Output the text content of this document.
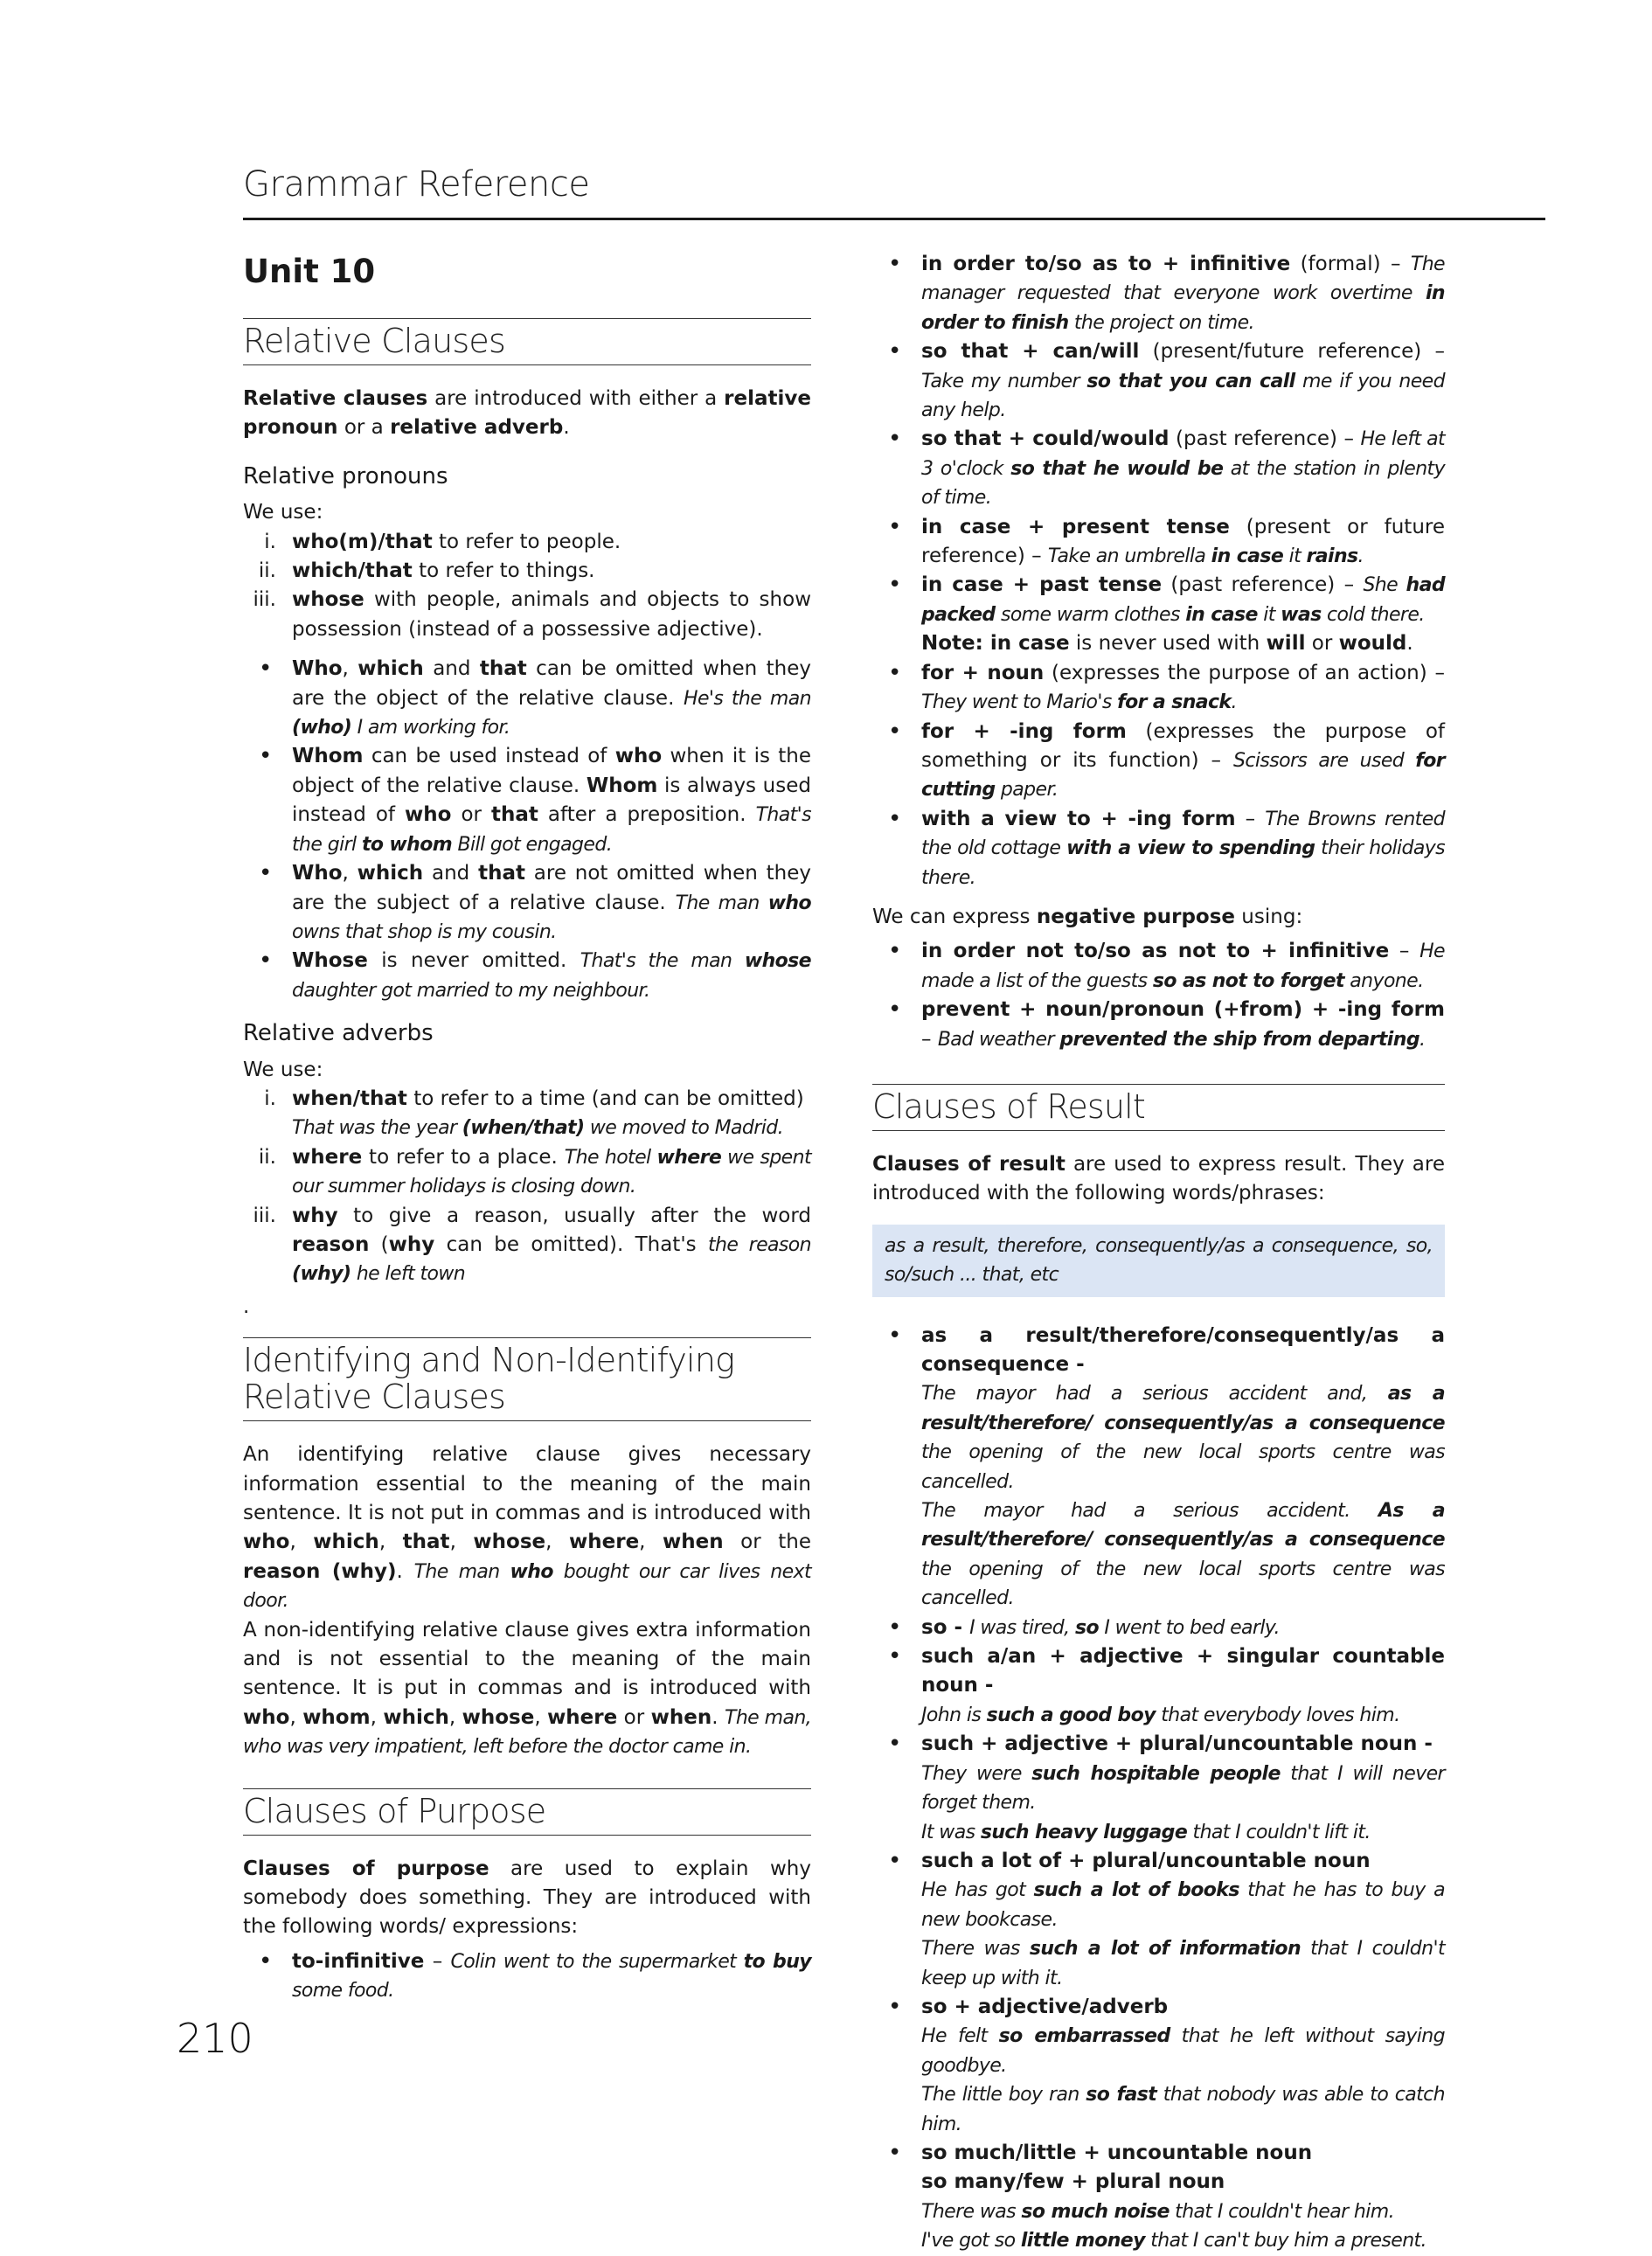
Grammar Reference
Unit 10
Relative Clauses

Relative clauses are introduced with either a relative pronoun or a relative adverb.

Relative pronouns

We use:

i. who(m)/that to refer to people.
ii. which/that to refer to things.
iii. whose with people, animals and objects to show possession (instead of a possessive adjective).
• Who, which and that can be omitted when they are the object of the relative clause. He's the man (who) I am working for.
• Whom can be used instead of who when it is the object of the relative clause. Whom is always used instead of who or that after a preposition. That's the girl to whom Bill got engaged.
• Who, which and that are not omitted when they are the subject of a relative clause. The man who owns that shop is my cousin.
• Whose is never omitted. That's the man whose daughter got married to my neighbour.
Relative adverbs

We use:

i. when/that to refer to a time (and can be omitted)
That was the year (when/that) we moved to Madrid.
ii. where to refer to a place. The hotel where we spent our summer holidays is closing down.
iii. why to give a reason, usually after the word reason (why can be omitted). That's the reason (why) he left town

.

Identifying and Non-Identifying Relative Clauses

An identifying relative clause gives necessary information essential to the meaning of the main sentence. It is not put in commas and is introduced with who, which, that, whose, where, when or the reason (why). The man who bought our car lives next door.

A non-identifying relative clause gives extra information and is not essential to the meaning of the main sentence. It is put in commas and is introduced with who, whom, which, whose, where or when. The man, who was very impatient, left before the doctor came in.

Clauses of Purpose

Clauses of purpose are used to explain why somebody does something. They are introduced with the following words/ expressions:

• to-infinitive – Colin went to the supermarket to buy some food.
• in order to/so as to + infinitive (formal) – The manager requested that everyone work overtime in order to finish the project on time.
• so that + can/will (present/future reference) – Take my number so that you can call me if you need any help.
• so that + could/would (past reference) – He left at 3 o'clock so that he would be at the station in plenty of time.
• in case + present tense (present or future reference) – Take an umbrella in case it rains.
• in case + past tense (past reference) – She had packed some warm clothes in case it was cold there.
Note: in case is never used with will or would.
• for + noun (expresses the purpose of an action) – They went to Mario's for a snack.
• for + -ing form (expresses the purpose of something or its function) – Scissors are used for cutting paper.
• with a view to + -ing form – The Browns rented the old cottage with a view to spending their holidays there.

We can express negative purpose using:

• in order not to/so as not to + infinitive – He made a list of the guests so as not to forget anyone.
• prevent + noun/pronoun (+from) + -ing form – Bad weather prevented the ship from departing.
Clauses of Result

Clauses of result are used to express result. They are introduced with the following words/phrases:

as a result, therefore, consequently/as a consequence, so, so/such ... that, etc

• as a result/therefore/consequently/as a consequence -
The mayor had a serious accident and, as a result/therefore/ consequently/as a consequence the opening of the new local sports centre was cancelled.
The mayor had a serious accident. As a result/therefore/ consequently/as a consequence the opening of the new local sports centre was cancelled.
• so - I was tired, so I went to bed early.
• such a/an + adjective + singular countable noun -
John is such a good boy that everybody loves him.
• such + adjective + plural/uncountable noun -
They were such hospitable people that I will never forget them.
It was such heavy luggage that I couldn't lift it.
• such a lot of + plural/uncountable noun
He has got such a lot of books that he has to buy a new bookcase.
There was such a lot of information that I couldn't keep up with it.
• so + adjective/adverb
He felt so embarrassed that he left without saying goodbye.
The little boy ran so fast that nobody was able to catch him.
• so much/little + uncountable noun
so many/few + plural noun
There was so much noise that I couldn't hear him.
I've got so little money that I can't buy him a present.
210
